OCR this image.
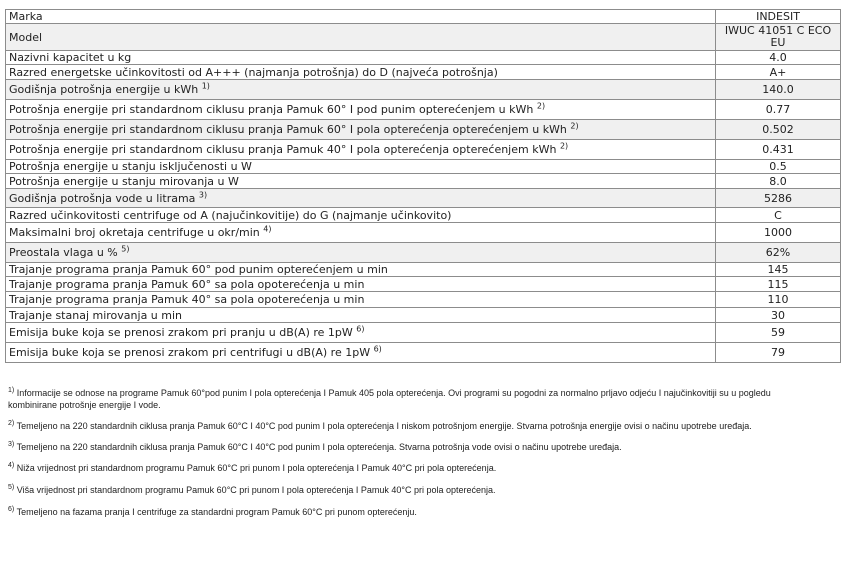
Marka	INDESIT
Model	IWUC 41051 C ECO EU
Nazivni kapacitet u kg	4.0
Razred energetske učinkovitosti od A+++ (najmanja potrošnja) do D (najveća potrošnja)	A+
Godišnja potrošnja energije u kWh $^{1)}$	140.0
Potrošnja energije pri standardnom ciklusu pranja Pamuk 60° I pod punim opterećenjem u kWh $^{2)}$	0.77
Potrošnja energije pri standardnom ciklusu pranja Pamuk 60° I pola opterećenja opterećenjem u kWh $^{2)}$	0.502
Potrošnja energije pri standardnom ciklusu pranja Pamuk 40° I pola opterećenja opterećenjem kWh $^{2)}$	0.431
Potrošnja energije u stanju isključenosti u W	0.5
Potrošnja energije u stanju mirovanja u W	8.0
Godišnja potrošnja vode u litrama $^{3)}$	5286
Razred učinkovitosti centrifuge od A (najučinkovitije) do G (najmanje učinkovito)	C
Maksimalni broj okretaja centrifuge u okr/min $^{4)}$	1000
Preostala vlaga u % $^{5)}$	62%
Trajanje programa pranja Pamuk 60° pod punim opterećenjem u min	145
Trajanje programa pranja Pamuk 60° sa pola opoterećenja u min	115
Trajanje programa pranja Pamuk 40° sa pola opoterećenja u min	110
Trajanje stanaj mirovanja u min	30
Emisija buke koja se prenosi zrakom pri pranju u dB(A) re 1pW $^{6)}$	59
Emisija buke koja se prenosi zrakom pri centrifugi u dB(A) re 1pW $^{6)}$	79
$^{1)}$ Informacije se odnose na programe Pamuk 60°pod punim I pola opterećenja I Pamuk 405 pola opterećenja. Ovi programi su pogodni za normalno prljavo odjeću I najučinkovitiji su u pogledu kombinirane potrošnje energije I vode.
$^{2)}$ Temeljeno na 220 standardnih ciklusa pranja Pamuk 60°C I 40°C pod punim I pola opterećenja I niskom potrošnjom energije. Stvarna potrošnja energije ovisi o načinu upotrebe uređaja.
$^{3)}$ Temeljeno na 220 standardnih ciklusa pranja Pamuk 60°C I 40°C pod punim I pola opterećenja. Stvarna potrošnja vode ovisi o načinu upotrebe uređaja.
$^{4)}$ Niža vrijednost pri standardnom programu Pamuk 60°C pri punom I pola opterećenja I Pamuk 40°C pri pola opterećenja.
$^{5)}$ Viša vrijednost pri standardnom programu Pamuk 60°C pri punom I pola opterećenja I Pamuk 40°C pri pola opterećenja.
$^{6)}$ Temeljeno na fazama pranja I centrifuge za standardni program Pamuk 60°C pri punom opterećenju.
